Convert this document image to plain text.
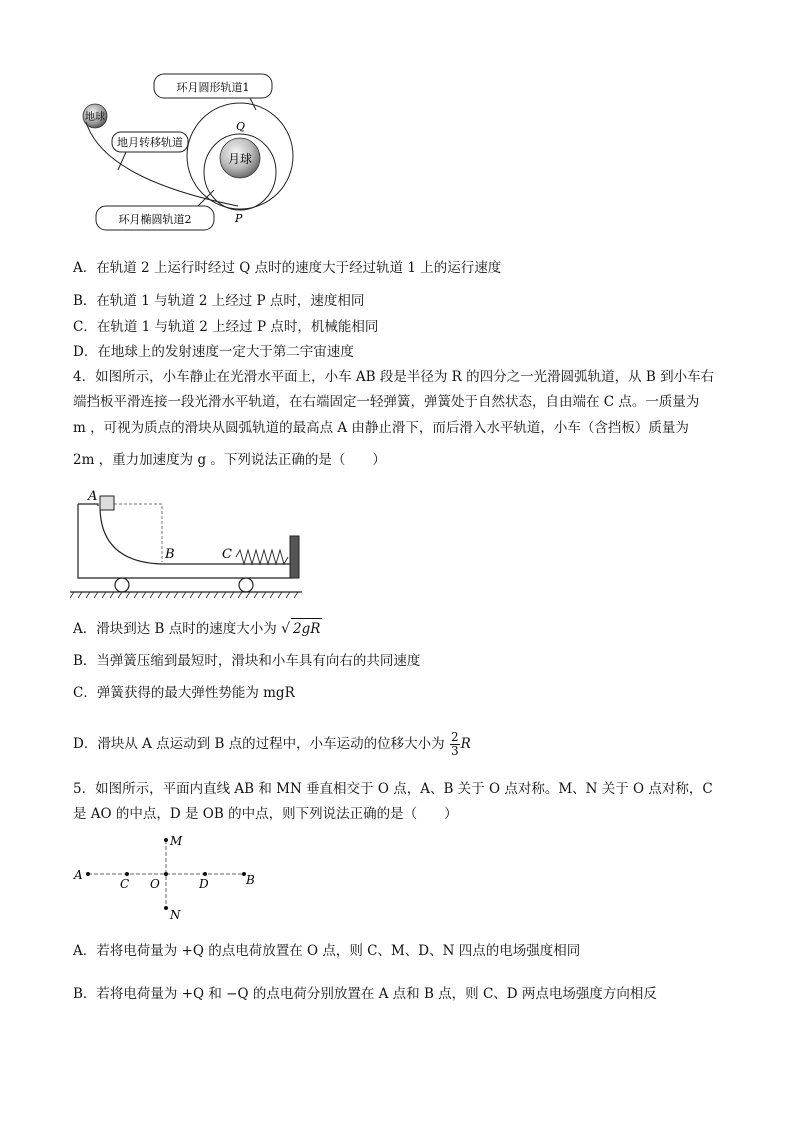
月球
地球
环月圆形轨道1
地月转移轨道
环月椭圆轨道2
Q
P
A．在轨道 2 上运行时经过 Q 点时的速度大于经过轨道 1 上的运行速度
B．在轨道 1 与轨道 2 上经过 P 点时，速度相同
C．在轨道 1 与轨道 2 上经过 P 点时，机械能相同
D．在地球上的发射速度一定大于第二宇宙速度
4．如图所示，小车静止在光滑水平面上，小车 AB 段是半径为 R 的四分之一光滑圆弧轨道，从 B 到小车右
端挡板平滑连接一段光滑水平轨道，在右端固定一轻弹簧，弹簧处于自然状态，自由端在 C 点。一质量为
m ，可视为质点的滑块从圆弧轨道的最高点 A 由静止滑下，而后滑入水平轨道，小车（含挡板）质量为
2m ，重力加速度为 g 。下列说法正确的是（　　）
A
B	C
A．滑块到达 B 点时的速度大小为 √ 2gR
B．当弹簧压缩到最短时，滑块和小车具有向右的共同速度
C．弹簧获得的最大弹性势能为 mgR
D．滑块从 A 点运动到 B 点的过程中，小车运动的位移大小为 $\frac{2}{3}$ R
5．如图所示，平面内直线 AB 和 MN 垂直相交于 O 点，A、B 关于 O 点对称。M、N 关于 O 点对称，C
是 AO 的中点，D 是 OB 的中点，则下列说法正确的是（　　）
M
A
C O	D	B
N
A．若将电荷量为 +Q 的点电荷放置在 O 点，则 C、M、D、N 四点的电场强度相同
B．若将电荷量为 +Q 和 −Q 的点电荷分别放置在 A 点和 B 点，则 C、D 两点电场强度方向相反
